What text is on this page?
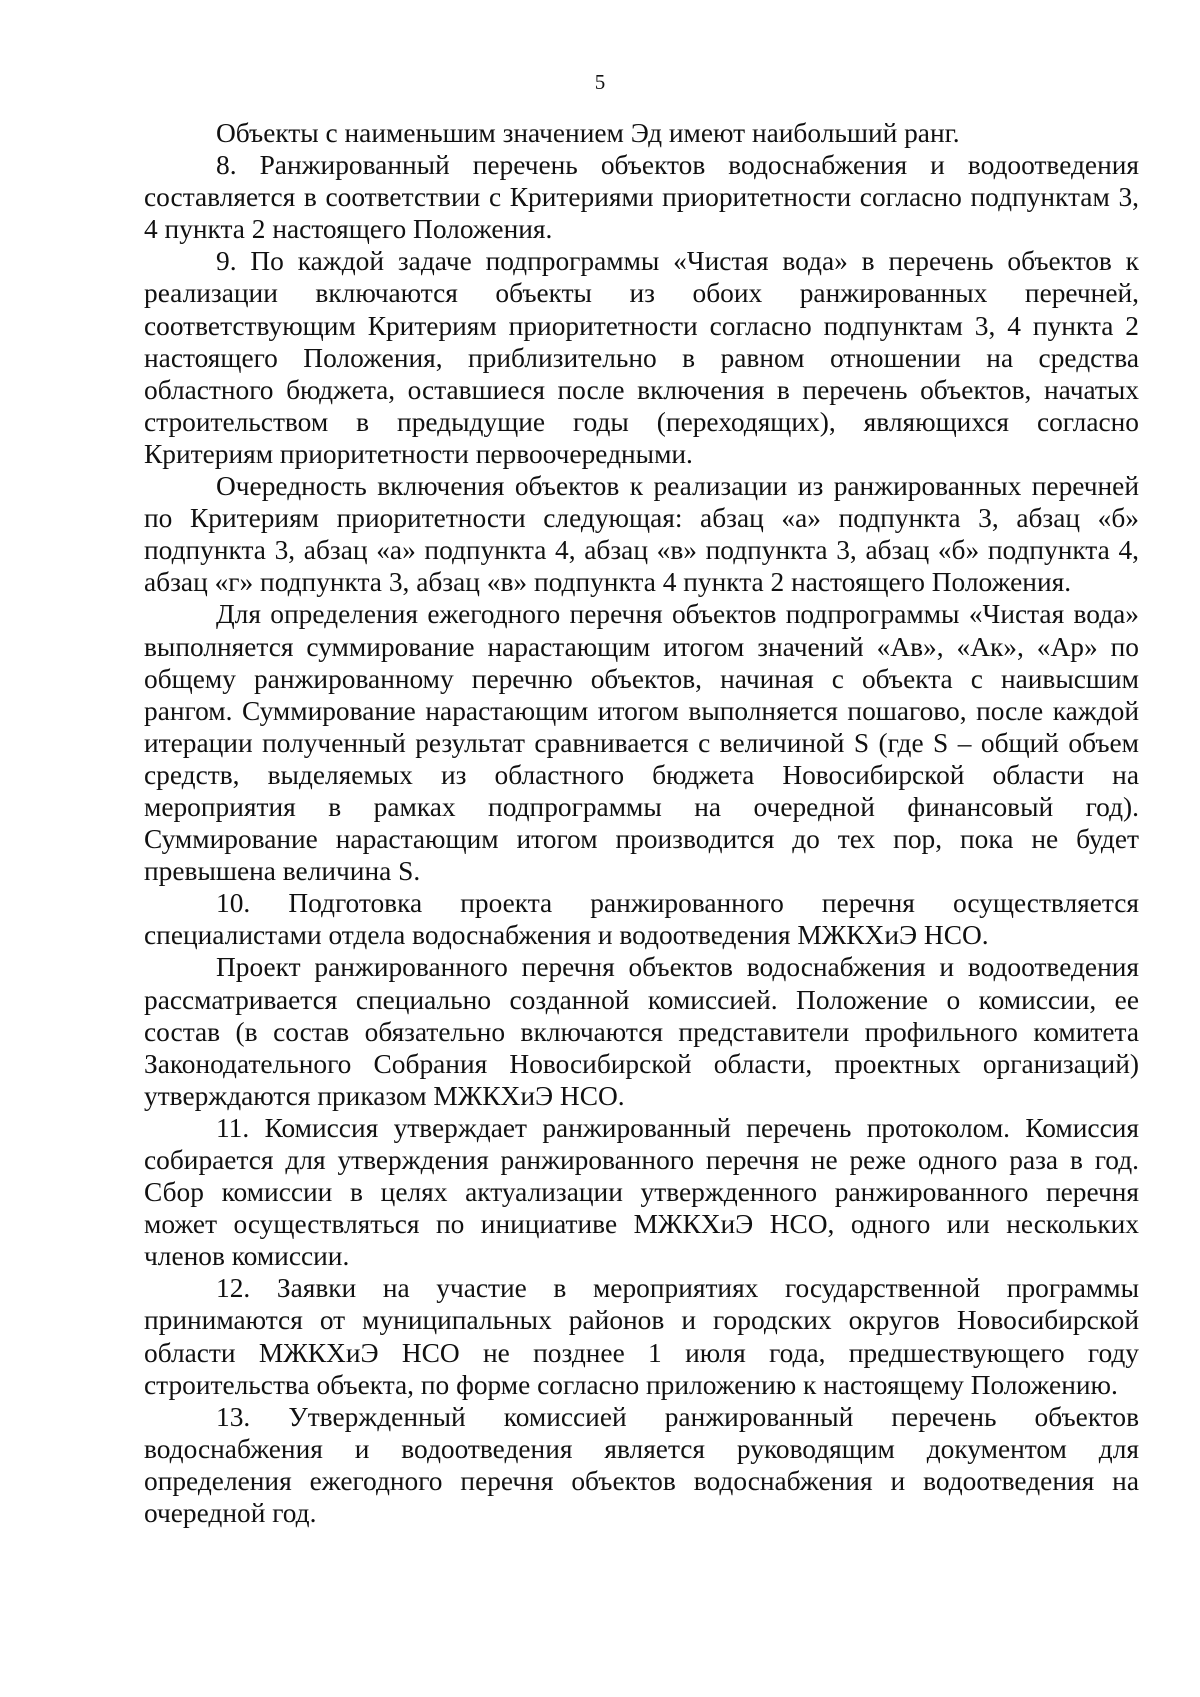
5

Объекты с наименьшим значением Эд имеют наибольший ранг.

8. Ранжированный перечень объектов водоснабжения и водоотведения составляется в соответствии с Критериями приоритетности согласно подпунктам 3, 4 пункта 2 настоящего Положения.

9. По каждой задаче подпрограммы «Чистая вода» в перечень объектов к реализации включаются объекты из обоих ранжированных перечней, соответствующим Критериям приоритетности согласно подпунктам 3, 4 пункта 2 настоящего Положения, приблизительно в равном отношении на средства областного бюджета, оставшиеся после включения в перечень объектов, начатых строительством в предыдущие годы (переходящих), являющихся согласно Критериям приоритетности первоочередными.

Очередность включения объектов к реализации из ранжированных перечней по Критериям приоритетности следующая: абзац «а» подпункта 3, абзац «б» подпункта 3, абзац «а» подпункта 4, абзац «в» подпункта 3, абзац «б» подпункта 4, абзац «г» подпункта 3, абзац «в» подпункта 4 пункта 2 настоящего Положения.

Для определения ежегодного перечня объектов подпрограммы «Чистая вода» выполняется суммирование нарастающим итогом значений «Ав», «Ак», «Ар» по общему ранжированному перечню объектов, начиная с объекта с наивысшим рангом. Суммирование нарастающим итогом выполняется пошагово, после каждой итерации полученный результат сравнивается с величиной S (где S – общий объем средств, выделяемых из областного бюджета Новосибирской области на мероприятия в рамках подпрограммы на очередной финансовый год). Суммирование нарастающим итогом производится до тех пор, пока не будет превышена величина S.

10. Подготовка проекта ранжированного перечня осуществляется специалистами отдела водоснабжения и водоотведения МЖКХиЭ НСО.

Проект ранжированного перечня объектов водоснабжения и водоотведения рассматривается специально созданной комиссией. Положение о комиссии, ее состав (в состав обязательно включаются представители профильного комитета Законодательного Собрания Новосибирской области, проектных организаций) утверждаются приказом МЖКХиЭ НСО.

11. Комиссия утверждает ранжированный перечень протоколом. Комиссия собирается для утверждения ранжированного перечня не реже одного раза в год. Сбор комиссии в целях актуализации утвержденного ранжированного перечня может осуществляться по инициативе МЖКХиЭ НСО, одного или нескольких членов комиссии.

12. Заявки на участие в мероприятиях государственной программы принимаются от муниципальных районов и городских округов Новосибирской области МЖКХиЭ НСО не позднее 1 июля года, предшествующего году строительства объекта, по форме согласно приложению к настоящему Положению.

13. Утвержденный комиссией ранжированный перечень объектов водоснабжения и водоотведения является руководящим документом для определения ежегодного перечня объектов водоснабжения и водоотведения на очередной год.
